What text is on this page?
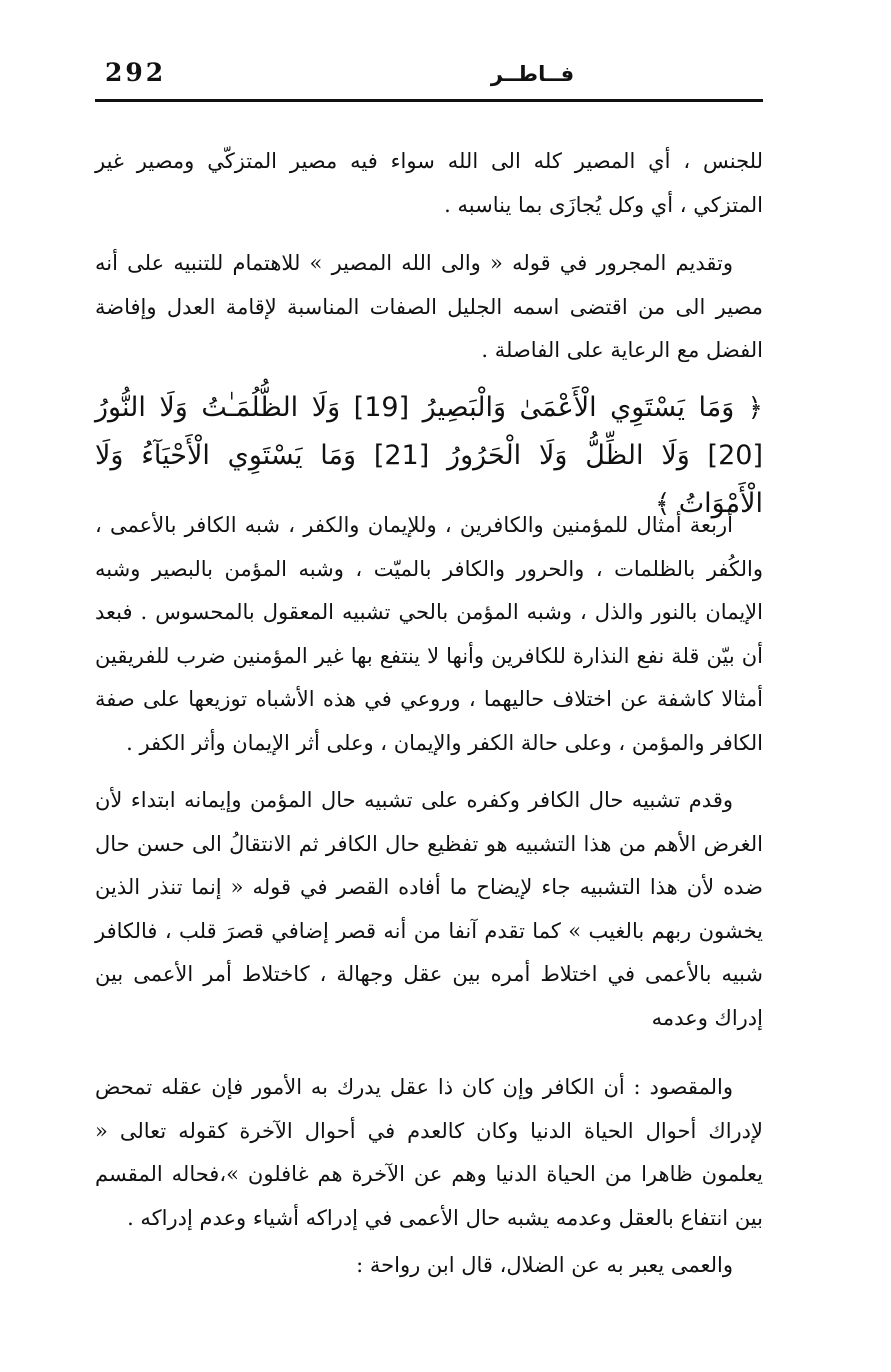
292	فــاطــر

للجنس ، أي المصير كله الى الله سواء فيه مصير المتزكّي ومصير غير المتزكي ، أي وكل يُجازَى بما يناسبه .

وتقديم المجرور في قوله « والى الله المصير » للاهتمام للتنبيه على أنه مصير الى من اقتضى اسمه الجليل الصفات المناسبة لإقامة العدل وإفاضة الفضل مع الرعاية على الفاصلة .

﴿ وَمَا يَسْتَوِي الْأَعْمَىٰ وَالْبَصِيرُ [19] وَلَا الظُّلُمَـٰتُ وَلَا النُّورُ [20] وَلَا الظِّلُّ وَلَا الْحَرُورُ [21] وَمَا يَسْتَوِي الْأَحْيَآءُ وَلَا الْأَمْوَاتُ ﴾

أربعة أمثال للمؤمنين والكافرين ، وللإيمان والكفر ، شبه الكافر بالأعمى ، والكُفر بالظلمات ، والحرور والكافر بالميّت ، وشبه المؤمن بالبصير وشبه الإيمان بالنور والذل ، وشبه المؤمن بالحي تشبيه المعقول بالمحسوس . فبعد أن بيّن قلة نفع النذارة للكافرين وأنها لا ينتفع بها غير المؤمنين ضرب للفريقين أمثالا كاشفة عن اختلاف حاليهما ، وروعي في هذه الأشباه توزيعها على صفة الكافر والمؤمن ، وعلى حالة الكفر والإيمان ، وعلى أثر الإيمان وأثر الكفر .

وقدم تشبيه حال الكافر وكفره على تشبيه حال المؤمن وإيمانه ابتداء لأن الغرض الأهم من هذا التشبيه هو تفظيع حال الكافر ثم الانتقالُ الى حسن حال ضده لأن هذا التشبيه جاء لإيضاح ما أفاده القصر في قوله « إنما تنذر الذين يخشون ربهم بالغيب » كما تقدم آنفا من أنه قصر إضافي قصرَ قلب ، فالكافر شبيه بالأعمى في اختلاط أمره بين عقل وجهالة ، كاختلاط أمر الأعمى بين إدراك وعدمه

والمقصود : أن الكافر وإن كان ذا عقل يدرك به الأمور فإن عقله تمحض لإدراك أحوال الحياة الدنيا وكان كالعدم في أحوال الآخرة كقوله تعالى « يعلمون ظاهرا من الحياة الدنيا وهم عن الآخرة هم غافلون »،فحاله المقسم بين انتفاع بالعقل وعدمه يشبه حال الأعمى في إدراكه أشياء وعدم إدراكه .

والعمى يعبر به عن الضلال، قال ابن رواحة :
